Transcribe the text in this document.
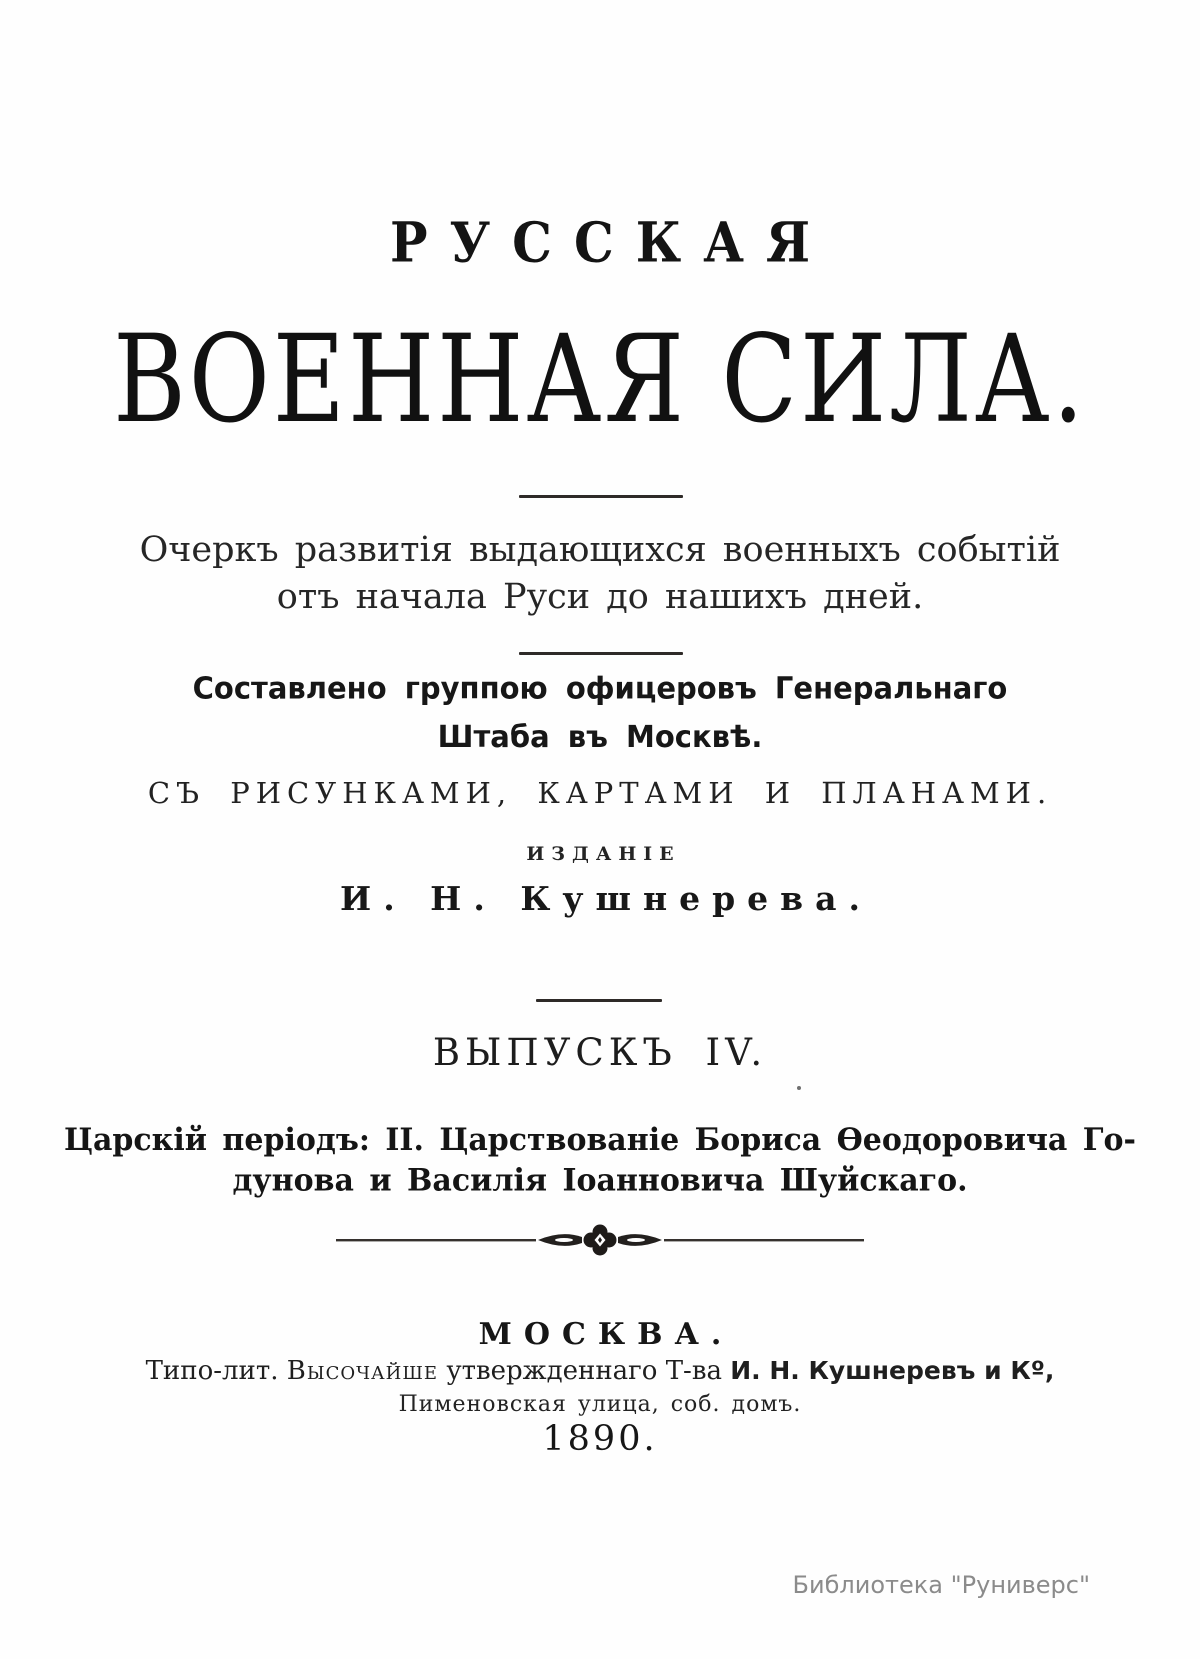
РУССКАЯ
ВОЕННАЯ СИЛА.
Очеркъ развитія выдающихся военныхъ событій
отъ начала Руси до нашихъ дней.
Составлено группою офицеровъ Генеральнаго
Штаба въ Москвѣ.
СЪ РИСУНКАМИ, КАРТАМИ И ПЛАНАМИ.
ИЗДАНІЕ
И. Н. Кушнерева.
ВЫПУСКЪ IV.
Царскій періодъ: II. Царствованіе Бориса Ѳеодоровича Го-
дунова и Василія Іоанновича Шуйскаго.
МОСКВА.
Типо-лит. Высочайше утвержденнаго Т-ва И. Н. Кушнеревъ и Кº,
Пименовская улица, соб. домъ.
1890.
Библиотека "Руниверс"
